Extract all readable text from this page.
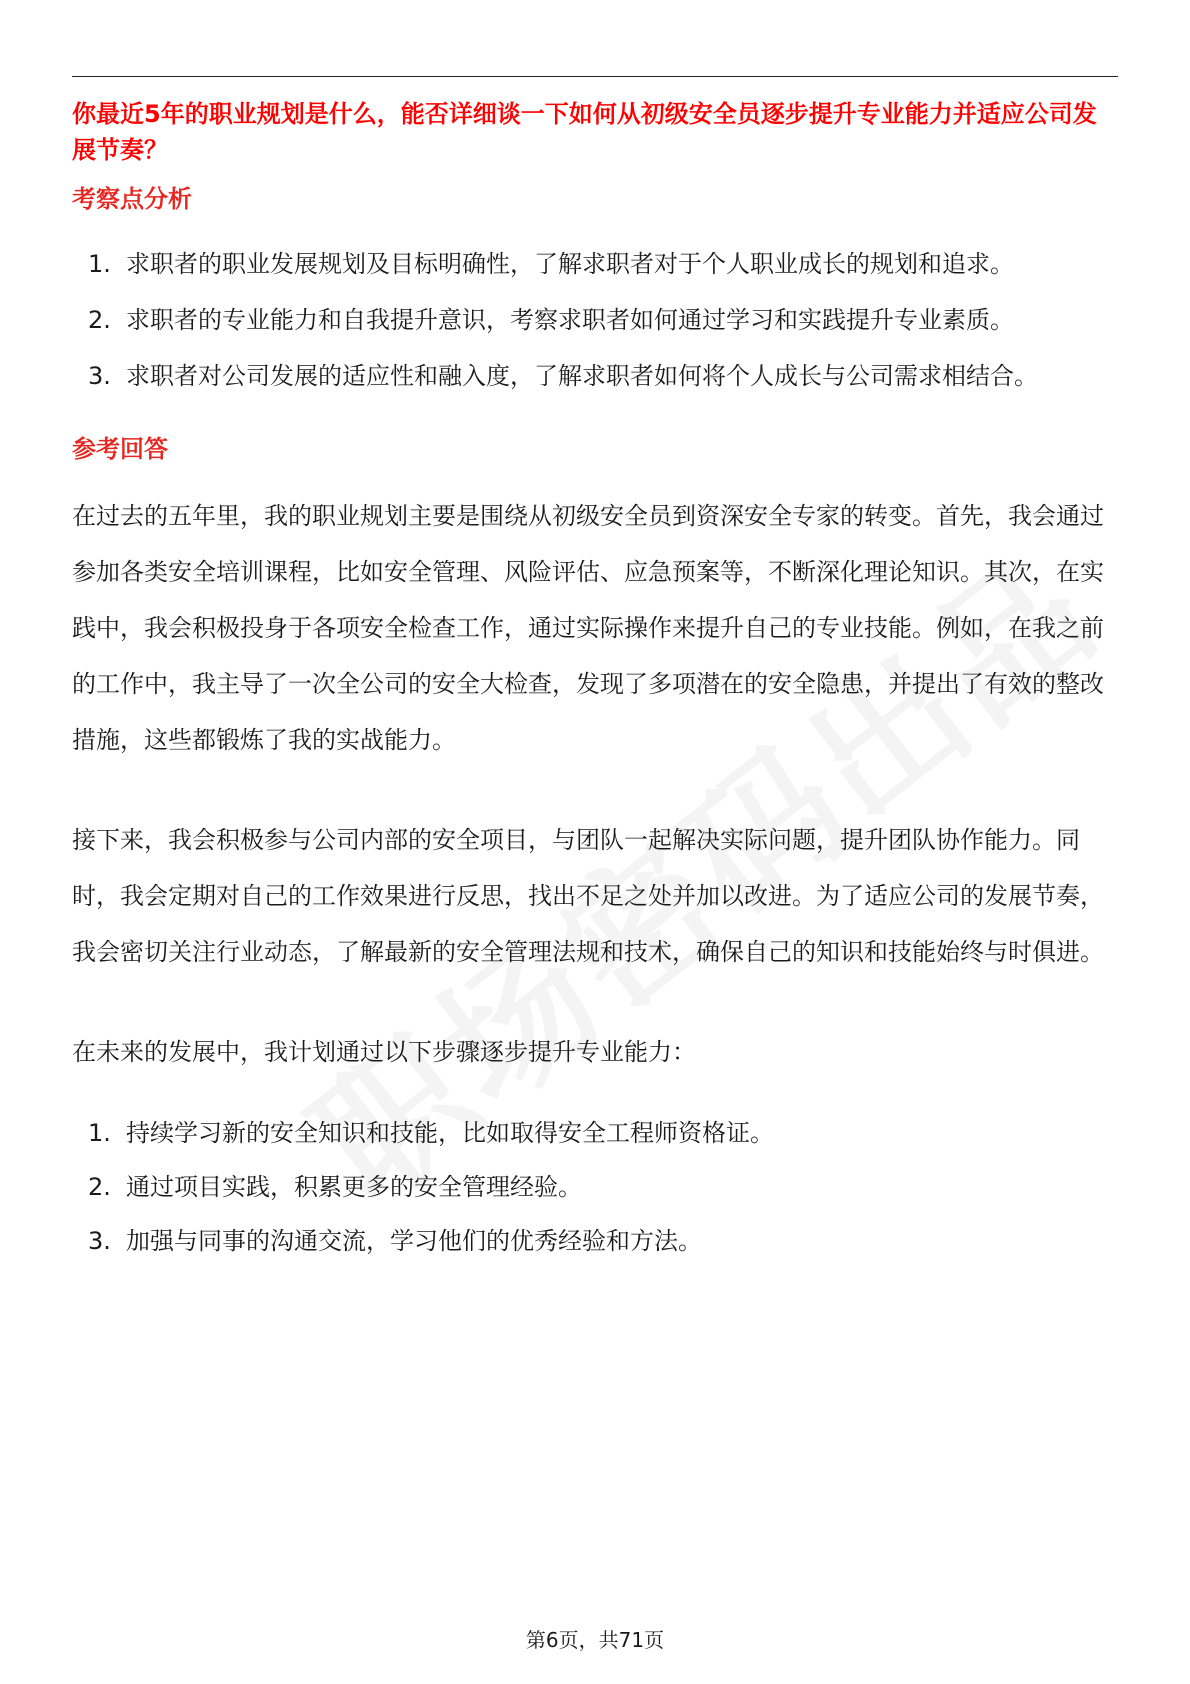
你最近5年的职业规划是什么，能否详细谈一下如何从初级安全员逐步提升专业能力并适应公司发展节奏？
考察点分析
1. 求职者的职业发展规划及目标明确性，了解求职者对于个人职业成长的规划和追求。
2. 求职者的专业能力和自我提升意识，考察求职者如何通过学习和实践提升专业素质。
3. 求职者对公司发展的适应性和融入度，了解求职者如何将个人成长与公司需求相结合。
参考回答

在过去的五年里，我的职业规划主要是围绕从初级安全员到资深安全专家的转变。首先，我会通过参加各类安全培训课程，比如安全管理、风险评估、应急预案等，不断深化理论知识。其次，在实践中，我会积极投身于各项安全检查工作，通过实际操作来提升自己的专业技能。例如，在我之前的工作中，我主导了一次全公司的安全大检查，发现了多项潜在的安全隐患，并提出了有效的整改措施，这些都锻炼了我的实战能力。

接下来，我会积极参与公司内部的安全项目，与团队一起解决实际问题，提升团队协作能力。同时，我会定期对自己的工作效果进行反思，找出不足之处并加以改进。为了适应公司的发展节奏，我会密切关注行业动态，了解最新的安全管理法规和技术，确保自己的知识和技能始终与时俱进。

在未来的发展中，我计划通过以下步骤逐步提升专业能力：

1. 持续学习新的安全知识和技能，比如取得安全工程师资格证。
2. 通过项目实践，积累更多的安全管理经验。
3. 加强与同事的沟通交流，学习他们的优秀经验和方法。
第6页，共71页
